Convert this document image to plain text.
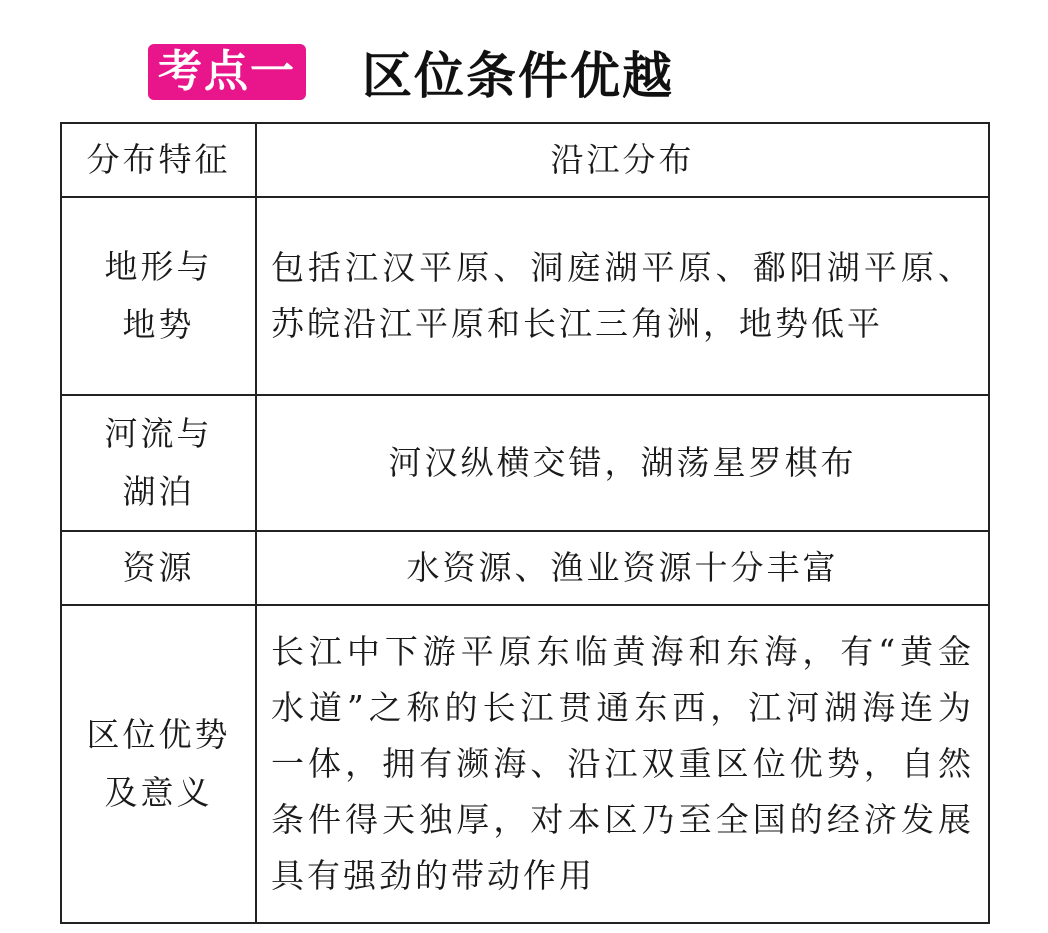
考点一 区位条件优越
分布特征	沿江分布
地形与
地势	包括江汉平原、洞庭湖平原、鄱阳湖平原、苏皖沿江平原和长江三角洲，地势低平
河流与
湖泊	河汉纵横交错，湖荡星罗棋布
资源	水资源、渔业资源十分丰富
区位优势
及意义	长江中下游平原东临黄海和东海，有“黄金水道”之称的长江贯通东西，江河湖海连为一体，拥有濒海、沿江双重区位优势，自然条件得天独厚，对本区乃至全国的经济发展具有强劲的带动作用
